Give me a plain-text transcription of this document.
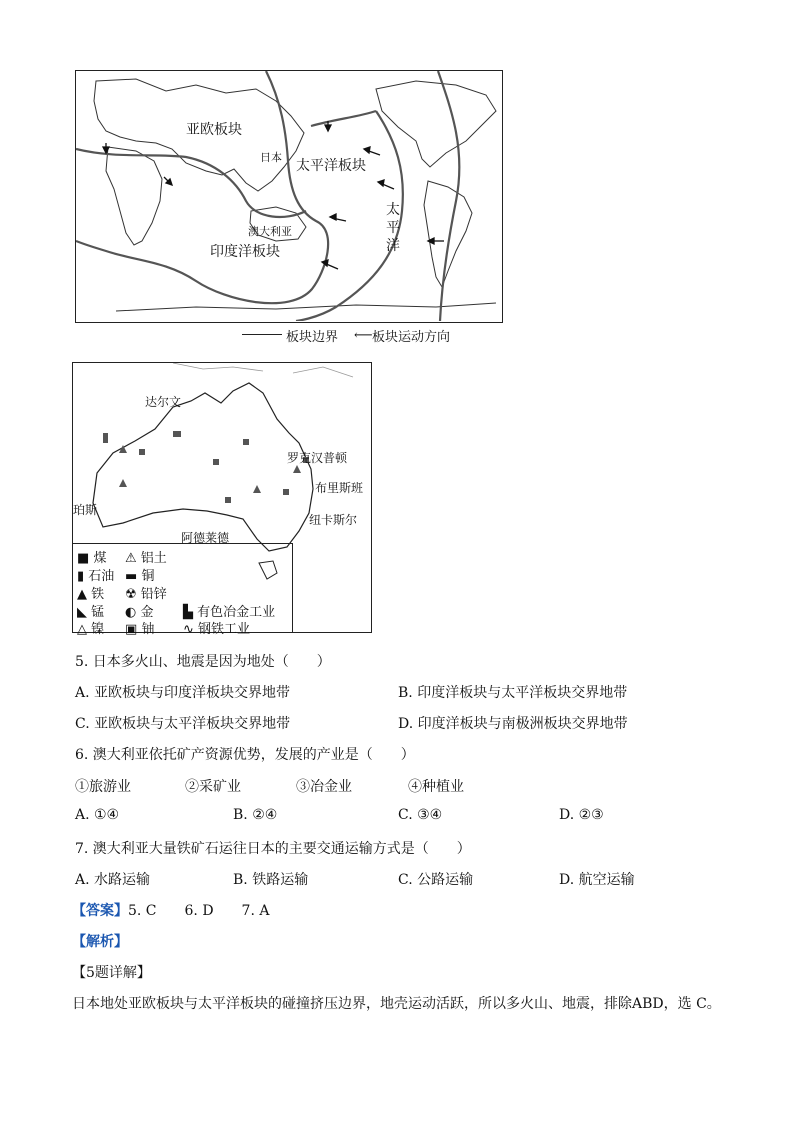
亚欧板块
太平洋板块
日本
澳大利亚
印度洋板块
太
平
洋
板块边界 ⟵ 板块运动方向
达尔文
罗克汉普顿
布里斯班
珀斯
纽卡斯尔
阿德莱德
■ 煤 ⚠ 铝土
▮ 石油 ▬ 铜
▲ 铁 ☢ 铅锌
◣ 锰 ◐ 金 ▙ 有色冶金工业
△ 镍 ▣ 铀 ∿ 钢铁工业
5. 日本多火山、地震是因为地处（　　）
A. 亚欧板块与印度洋板块交界地带	B. 印度洋板块与太平洋板块交界地带
C. 亚欧板块与太平洋板块交界地带	D. 印度洋板块与南极洲板块交界地带
6. 澳大利亚依托矿产资源优势，发展的产业是（　　）
①旅游业	②采矿业	③冶金业	④种植业
A. ①④	B. ②④	C. ③④	D. ②③
7. 澳大利亚大量铁矿石运往日本的主要交通运输方式是（　　）
A. 水路运输	B. 铁路运输	C. 公路运输	D. 航空运输
【答案】5. C　　6. D　　7. A
【解析】
【5题详解】
日本地处亚欧板块与太平洋板块的碰撞挤压边界，地壳运动活跃，所以多火山、地震，排除ABD，选 C。
